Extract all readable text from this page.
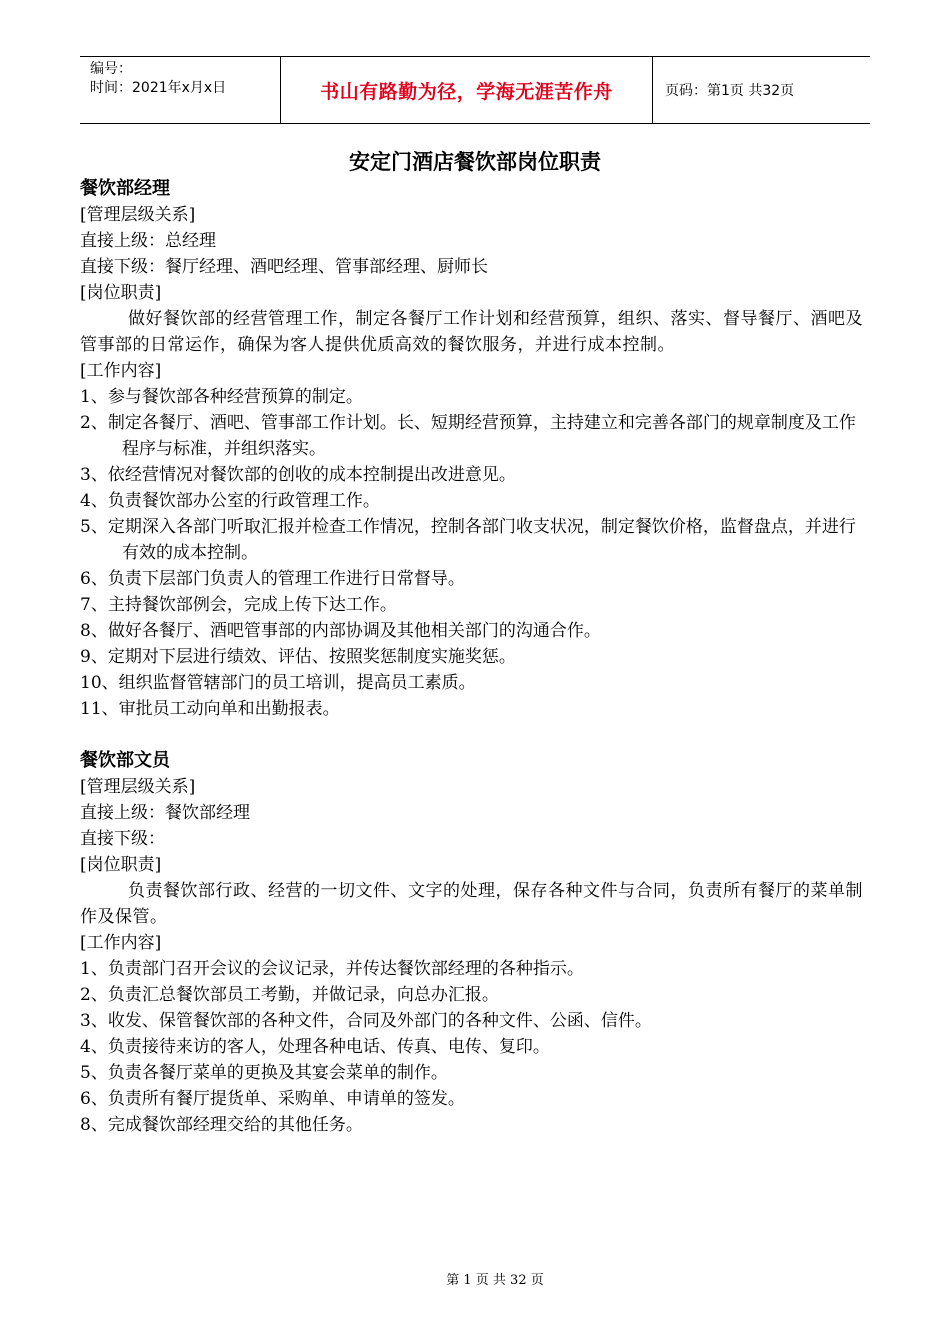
编号：
时间：2021年x月x日	书山有路勤为径，学海无涯苦作舟	页码：第1页 共32页
安定门酒店餐饮部岗位职责

餐饮部经理

[管理层级关系]

直接上级：总经理

直接下级：餐厅经理、酒吧经理、管事部经理、厨师长

[岗位职责]

做好餐饮部的经营管理工作，制定各餐厅工作计划和经营预算，组织、落实、督导餐厅、酒吧及管事部的日常运作，确保为客人提供优质高效的餐饮服务，并进行成本控制。

[工作内容]

1、参与餐饮部各种经营预算的制定。

2、制定各餐厅、酒吧、管事部工作计划。长、短期经营预算，主持建立和完善各部门的规章制度及工作程序与标准，并组织落实。

3、依经营情况对餐饮部的创收的成本控制提出改进意见。

4、负责餐饮部办公室的行政管理工作。

5、定期深入各部门听取汇报并检查工作情况，控制各部门收支状况，制定餐饮价格，监督盘点，并进行有效的成本控制。

6、负责下层部门负责人的管理工作进行日常督导。

7、主持餐饮部例会，完成上传下达工作。

8、做好各餐厅、酒吧管事部的内部协调及其他相关部门的沟通合作。

9、定期对下层进行绩效、评估、按照奖惩制度实施奖惩。

10、组织监督管辖部门的员工培训，提高员工素质。

11、审批员工动向单和出勤报表。

餐饮部文员

[管理层级关系]

直接上级：餐饮部经理

直接下级：

[岗位职责]

负责餐饮部行政、经营的一切文件、文字的处理，保存各种文件与合同，负责所有餐厅的菜单制作及保管。

[工作内容]

1、负责部门召开会议的会议记录，并传达餐饮部经理的各种指示。

2、负责汇总餐饮部员工考勤，并做记录，向总办汇报。

3、收发、保管餐饮部的各种文件，合同及外部门的各种文件、公函、信件。

4、负责接待来访的客人，处理各种电话、传真、电传、复印。

5、负责各餐厅菜单的更换及其宴会菜单的制作。

6、负责所有餐厅提货单、采购单、申请单的签发。

8、完成餐饮部经理交给的其他任务。

第 1 页 共 32 页
